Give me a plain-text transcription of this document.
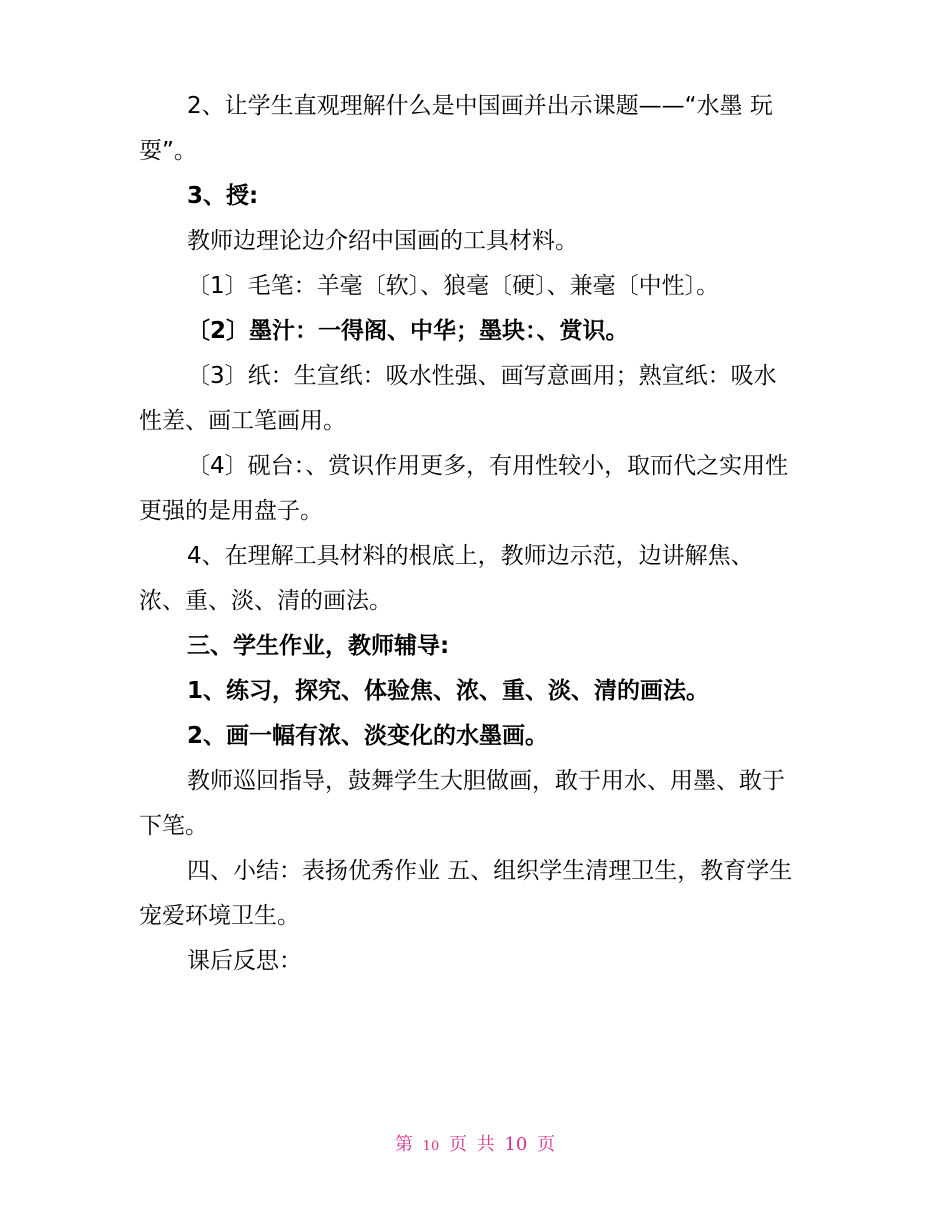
2、让学生直观理解什么是中国画并出示课题——“水墨 玩耍”。

3、授:

教师边理论边介绍中国画的工具材料。

〔1〕毛笔：羊毫〔软〕、狼毫〔硬〕、兼毫〔中性〕。

〔2〕墨汁：一得阁、中华；墨块：、赏识。

〔3〕纸：生宣纸：吸水性强、画写意画用；熟宣纸：吸水性差、画工笔画用。

〔4〕砚台：、赏识作用更多，有用性较小，取而代之实用性更强的是用盘子。

4、在理解工具材料的根底上，教师边示范，边讲解焦、浓、重、淡、清的画法。

三、学生作业，教师辅导:

1、练习，探究、体验焦、浓、重、淡、清的画法。

2、画一幅有浓、淡变化的水墨画。

教师巡回指导，鼓舞学生大胆做画，敢于用水、用墨、敢于下笔。

四、小结：表扬优秀作业 五、组织学生清理卫生，教育学生宠爱环境卫生。

课后反思：

第 10 页 共 10 页
